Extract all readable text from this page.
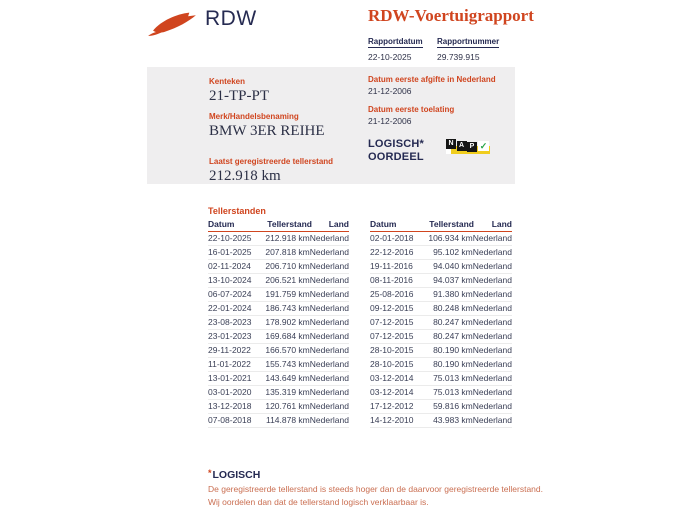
RDW	RDW-Voertuigrapport
Rapportdatum
22-10-2025
Rapportnummer
29.739.915
Kenteken
21-TP-PT
Merk/Handelsbenaming
BMW 3ER REIHE
Laatst geregistreerde tellerstand
212.918 km
Datum eerste afgifte in Nederland
21-12-2006
Datum eerste toelating
21-12-2006
LOGISCH*
OORDEEL
N A P ✓
Tellerstanden
Datum	Tellerstand	Land
22-10-2025	212.918 km Nederland
16-01-2025	207.818 km Nederland
02-11-2024	206.710 km Nederland
13-10-2024	206.521 km Nederland
06-07-2024	191.759 km Nederland
22-01-2024	186.743 km Nederland
23-08-2023	178.902 km Nederland
23-01-2023	169.684 km Nederland
29-11-2022	166.570 km Nederland
11-01-2022	155.743 km Nederland
13-01-2021	143.649 km Nederland
03-01-2020	135.319 km Nederland
13-12-2018	120.761 km Nederland
07-08-2018	114.878 km Nederland
Datum	Tellerstand	Land
02-01-2018	106.934 km Nederland
22-12-2016	95.102 km Nederland
19-11-2016	94.040 km Nederland
08-11-2016	94.037 km Nederland
25-08-2016	91.380 km Nederland
09-12-2015	80.248 km Nederland
07-12-2015	80.247 km Nederland
07-12-2015	80.247 km Nederland
28-10-2015	80.190 km Nederland
28-10-2015	80.190 km Nederland
03-12-2014	75.013 km Nederland
03-12-2014	75.013 km Nederland
17-12-2012	59.816 km Nederland
14-12-2010	43.983 km Nederland
*LOGISCH
De geregistreerde tellerstand is steeds hoger dan de daarvoor geregistreerde tellerstand. Wij oordelen dan dat de tellerstand logisch verklaarbaar is.
